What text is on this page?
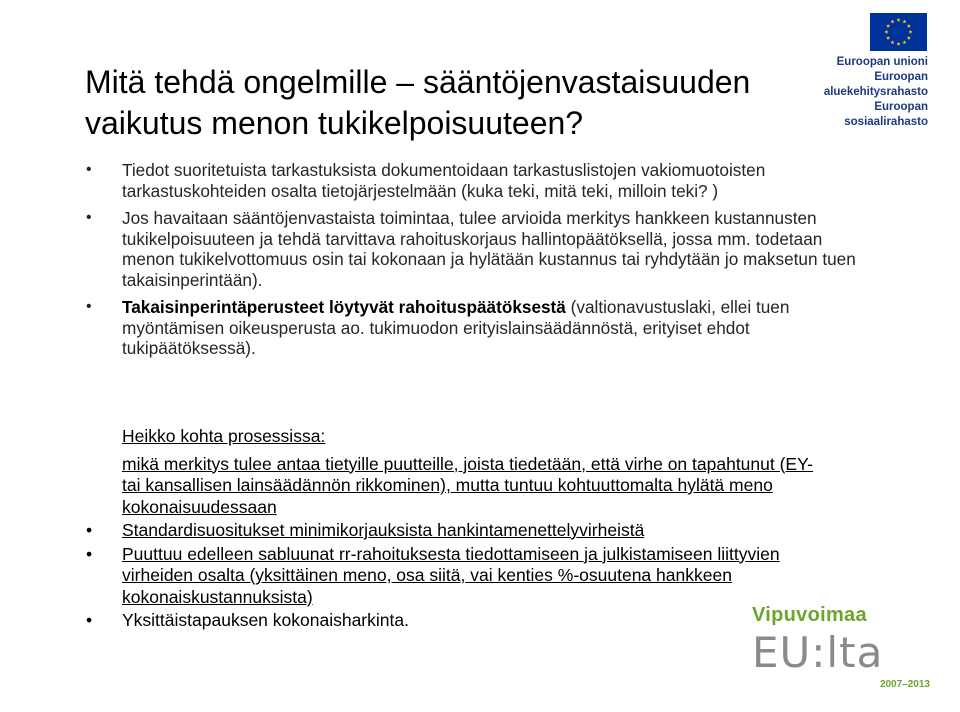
Euroopan unioni
Euroopan aluekehitysrahasto
Euroopan sosiaalirahasto
Mitä tehdä ongelmille – sääntöjenvastaisuuden
vaikutus menon tukikelpoisuuteen?
• Tiedot suoritetuista tarkastuksista dokumentoidaan tarkastuslistojen vakiomuotoisten tarkastuskohteiden osalta tietojärjestelmään (kuka teki, mitä teki, milloin teki? )
• Jos havaitaan sääntöjenvastaista toimintaa, tulee arvioida merkitys hankkeen kustannusten tukikelpoisuuteen ja tehdä tarvittava rahoituskorjaus hallintopäätöksellä, jossa mm. todetaan menon tukikelvottomuus osin tai kokonaan ja hylätään kustannus tai ryhdytään jo maksetun tuen takaisinperintään).
• Takaisinperintäperusteet löytyvät rahoituspäätöksestä (valtionavustuslaki, ellei tuen myöntämisen oikeusperusta ao. tukimuodon erityislainsäädännöstä, erityiset ehdot tukipäätöksessä).

Heikko kohta prosessissa:

mikä merkitys tulee antaa tietyille puutteille, joista tiedetään, että virhe on tapahtunut (EY- tai kansallisen lainsäädännön rikkominen), mutta tuntuu kohtuuttomalta hylätä meno kokonaisuudessaan

• Standardisuositukset minimikorjauksista hankintamenettelyvirheistä
• Puuttuu edelleen sabluunat rr-rahoituksesta tiedottamiseen ja julkistamiseen liittyvien virheiden osalta (yksittäinen meno, osa siitä, vai kenties %-osuutena hankkeen kokonaiskustannuksista)
• Yksittäistapauksen kokonaisharkinta.	Vipuvoimaa
EU:lta
2007–2013
